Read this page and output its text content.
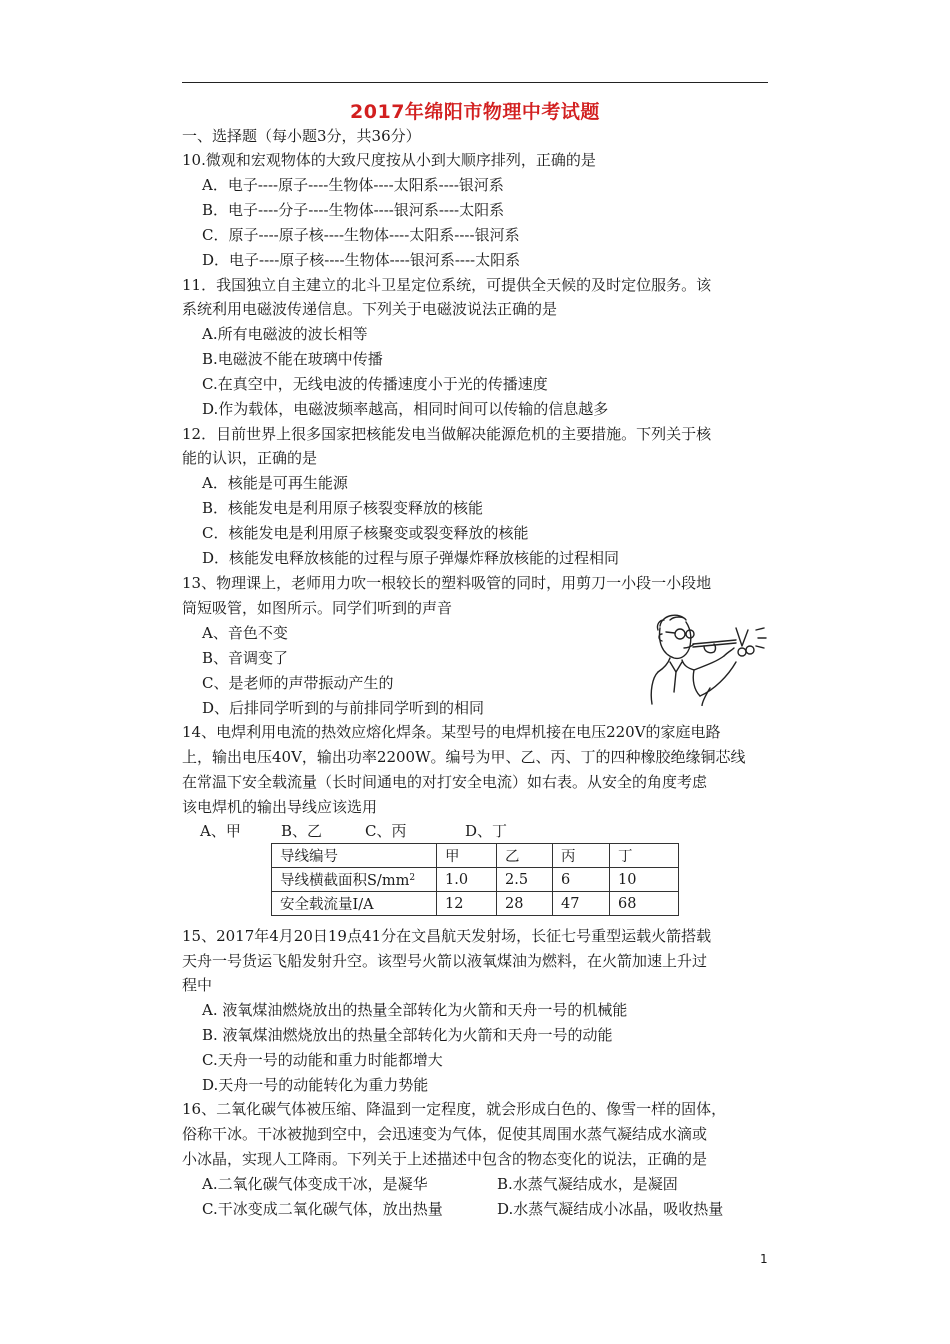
2017年绵阳市物理中考试题
一、选择题（每小题3分，共36分）
10.微观和宏观物体的大致尺度按从小到大顺序排列，正确的是
A．电子----原子----生物体----太阳系----银河系
B．电子----分子----生物体----银河系----太阳系
C．原子----原子核----生物体----太阳系----银河系
D．电子----原子核----生物体----银河系----太阳系
11．我国独立自主建立的北斗卫星定位系统，可提供全天候的及时定位服务。该
系统利用电磁波传递信息。下列关于电磁波说法正确的是
A.所有电磁波的波长相等
B.电磁波不能在玻璃中传播
C.在真空中，无线电波的传播速度小于光的传播速度
D.作为载体，电磁波频率越高，相同时间可以传输的信息越多
12．目前世界上很多国家把核能发电当做解决能源危机的主要措施。下列关于核
能的认识，正确的是
A．核能是可再生能源
B．核能发电是利用原子核裂变释放的核能
C．核能发电是利用原子核聚变或裂变释放的核能
D．核能发电释放核能的过程与原子弹爆炸释放核能的过程相同
13、物理课上，老师用力吹一根较长的塑料吸管的同时，用剪刀一小段一小段地
筒短吸管，如图所示。同学们听到的声音
A、音色不变
B、音调变了
C、是老师的声带振动产生的
D、后排同学听到的与前排同学听到的相同
14、电焊利用电流的热效应熔化焊条。某型号的电焊机接在电压220V的家庭电路
上，输出电压40V，输出功率2200W。编号为甲、乙、丙、丁的四种橡胶绝缘铜芯线
在常温下安全载流量（长时间通电的对打安全电流）如右表。从安全的角度考虑
该电焊机的输出导线应该选用
A、甲	B、乙	C、丙	D、丁
导线编号	甲	乙	丙	丁
导线横截面积$S/mm^2$	1.0	2.5	6	10
安全载流量I/A	12	28	47	68
15、2017年4月20日19点41分在文昌航天发射场，长征七号重型运载火箭搭载
天舟一号货运飞船发射升空。该型号火箭以液氧煤油为燃料，在火箭加速上升过
程中
A. 液氧煤油燃烧放出的热量全部转化为火箭和天舟一号的机械能
B. 液氧煤油燃烧放出的热量全部转化为火箭和天舟一号的动能
C.天舟一号的动能和重力时能都增大
D.天舟一号的动能转化为重力势能
16、二氧化碳气体被压缩、降温到一定程度，就会形成白色的、像雪一样的固体，
俗称干冰。干冰被抛到空中，会迅速变为气体，促使其周围水蒸气凝结成水滴或
小冰晶，实现人工降雨。下列关于上述描述中包含的物态变化的说法，正确的是
A.二氧化碳气体变成干冰，是凝华	B.水蒸气凝结成水，是凝固
C.干冰变成二氧化碳气体，放出热量	D.水蒸气凝结成小冰晶，吸收热量
1
